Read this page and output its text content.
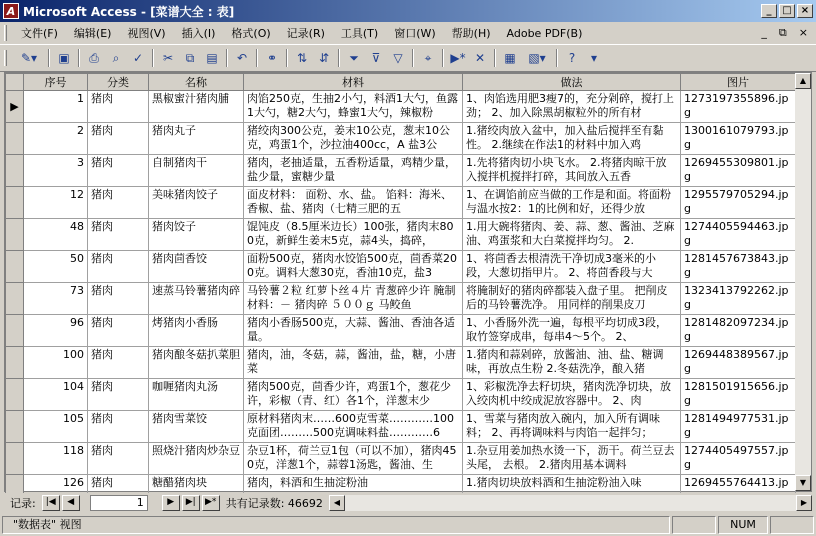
A Microsoft Access - [菜谱大全 : 表]	_	□ ×
文件(F)	编辑(E)	视图(V)	插入(I)	格式(O)	记录(R)	工具(T)	窗口(W)	帮助(H)	Adobe PDF(B)	_ ⧉ ×
✎▾	▣	⎙	⌕	✓	✂	⧉	▤	↶	⚭	⇅ ⇵	⏷	⊽	▽	⌖	▶* ✕	▦	▧▾	?	▾
	序号	分类	名称	材料	做法	图片
▶	1	猪肉	黑椒蜜汁猪肉脯	肉馅250克，生抽2小勺，料酒1大勺，鱼露1大勺，糖2大勺，蜂蜜1大勺，辣椒粉	1、肉馅选用肥3瘦7的，充分剁碎，搅打上劲； 2、加入除黑胡椒粒外的所有材	1273197355896.jpg

	2	猪肉	猪肉丸子	猪绞肉300公克，姜末10公克，葱末10公克，鸡蛋1个，沙拉油400cc，A 盐3公	1.猪绞肉放入盆中，加入盐后搅拌至有黏性。 2.继续在作法1的材料中加入鸡	1300161079793.jpg

	3	猪肉	自制猪肉干	猪肉，老抽适量，五香粉适量，鸡精少量，盐少量，蜜糖少量	1.先将猪肉切小块飞水。 2.将猪肉晾干放入搅拌机搅拌打碎，其间放入五香	1269455309801.jpg

	12	猪肉	美味猪肉饺子	面皮材料： 面粉、水、盐。 馅料：海米、香椒、盐、猪肉（七精三肥的五	1、在调馅前应当做的工作是和面。将面粉与温水按2：1的比例和好，还得少放	1295579705294.jpg

	48	猪肉	猪肉饺子	馄饨皮（8.5厘米边长）100张，猪肉末800克，新鲜生姜末5克，蒜4头，捣碎，	1.用大碗将猪肉、姜、蒜、葱、酱油、芝麻油、鸡蛋浆和大白菜搅拌均匀。 2.	1274405594463.jpg

	50	猪肉	猪肉茴香饺	面粉500克，猪肉水饺馅500克，茴香菜200克。调料大葱30克，香油10克，盐3	1、将茴香去根清洗干净切成3毫米的小段，大葱切指甲片。 2、将茴香段与大	1281457673843.jpg

	73	猪肉	速蒸马铃薯猪肉碎	马铃薯２粒 红萝卜丝４片 青葱碎少许 腌制材料：－ 猪肉碎 ５００ｇ 马鲛鱼	将腌制好的猪肉碎都装入盘子里。 把削皮后的马铃薯洗净。 用同样的削果皮刀	1323413792262.jpg

	96	猪肉	烤猪肉小香肠	猪肉小香肠500克，大蒜、酱油、香油各适量。	1、小香肠外洗一遍，每根平均切成3段，取竹签穿成串，每串4～5个。 2、	1281482097234.jpg

	100	猪肉	猪肉酿冬菇扒菜胆	猪肉，油，冬菇，蒜，酱油，盐，糖，小唐菜	1.猪肉和蒜剁碎，放酱油、油、盐、糖调味，再放点生粉 2.冬菇洗净，酿入猪	1269448389567.jpg

	104	猪肉	咖喱猪肉丸汤	猪肉500克，茴香少许，鸡蛋1个，葱花少许，彩椒（青、红）各1个，洋葱末少	1、彩椒洗净去籽切块，猪肉洗净切块，放入绞肉机中绞成泥放容器中。 2、肉	1281501915656.jpg

	105	猪肉	猪肉雪菜饺	原材料猪肉末……600克雪菜…………100克面团………500克调味料盐…………6	1、雪菜与猪肉放入碗内，加入所有调味料； 2、再将调味料与肉馅一起拌匀；	1281494977531.jpg

	118	猪肉	照烧汁猪肉炒杂豆	杂豆1杯，荷兰豆1包（可以不加），猪肉450克，洋葱1个，蒜蓉1汤匙，酱油、生	1.杂豆用姜加热水烫一下，沥干。荷兰豆去头尾， 去根。 2.猪肉用基本调料	1274405497557.jpg

	126	猪肉	糖醋猪肉块	猪肉，料酒和生抽淀粉油	1.猪肉切块放料酒和生抽淀粉油入味	1269455764413.jp
▲
▼
记录:	|◀	◀	1	▶	▶|	▶* 共有记录数: 46692	◀	▶
"数据表" 视图	NUM
